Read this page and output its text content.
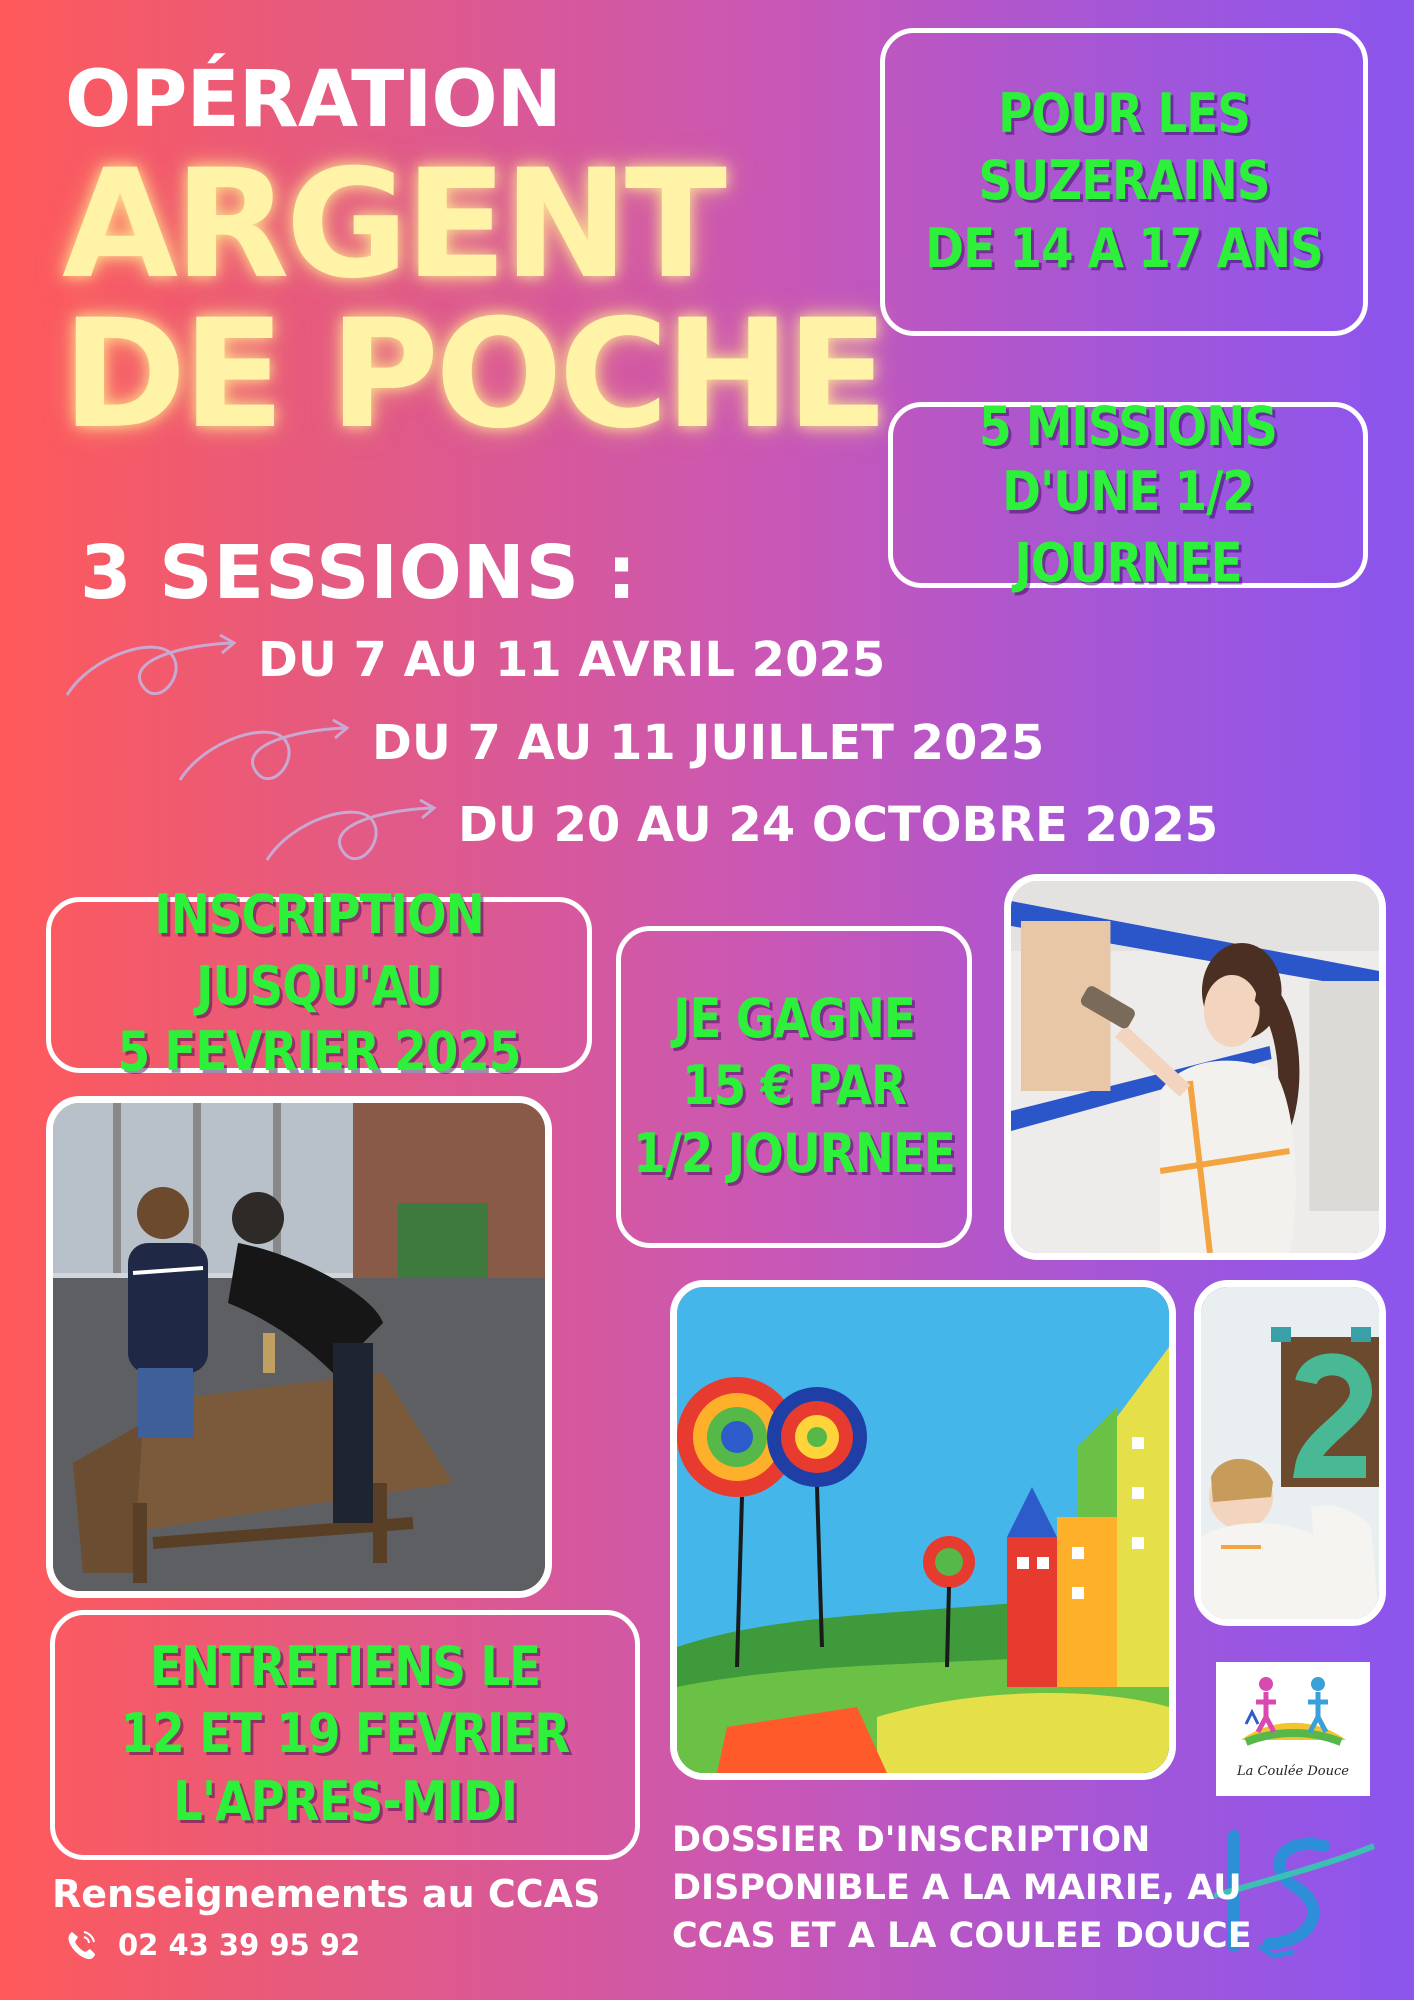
OPÉRATION
ARGENT
DE POCHE
POUR LES
SUZERAINS
DE 14 A 17 ANS
5 MISSIONS
D'UNE 1/2 JOURNEE
3 SESSIONS :
DU 7 AU 11 AVRIL 2025
DU 7 AU 11 JUILLET 2025
DU 20 AU 24 OCTOBRE 2025
INSCRIPTION JUSQU'AU
5 FEVRIER 2025
JE GAGNE
15 € PAR
1/2 JOURNEE
ENTRETIENS LE
12 ET 19 FEVRIER
L'APRES-MIDI	La Coulée Douce
Renseignements au CCAS
02 43 39 95 92
DOSSIER D'INSCRIPTION
DISPONIBLE A LA MAIRIE, AU
CCAS ET A LA COULEE DOUCE
